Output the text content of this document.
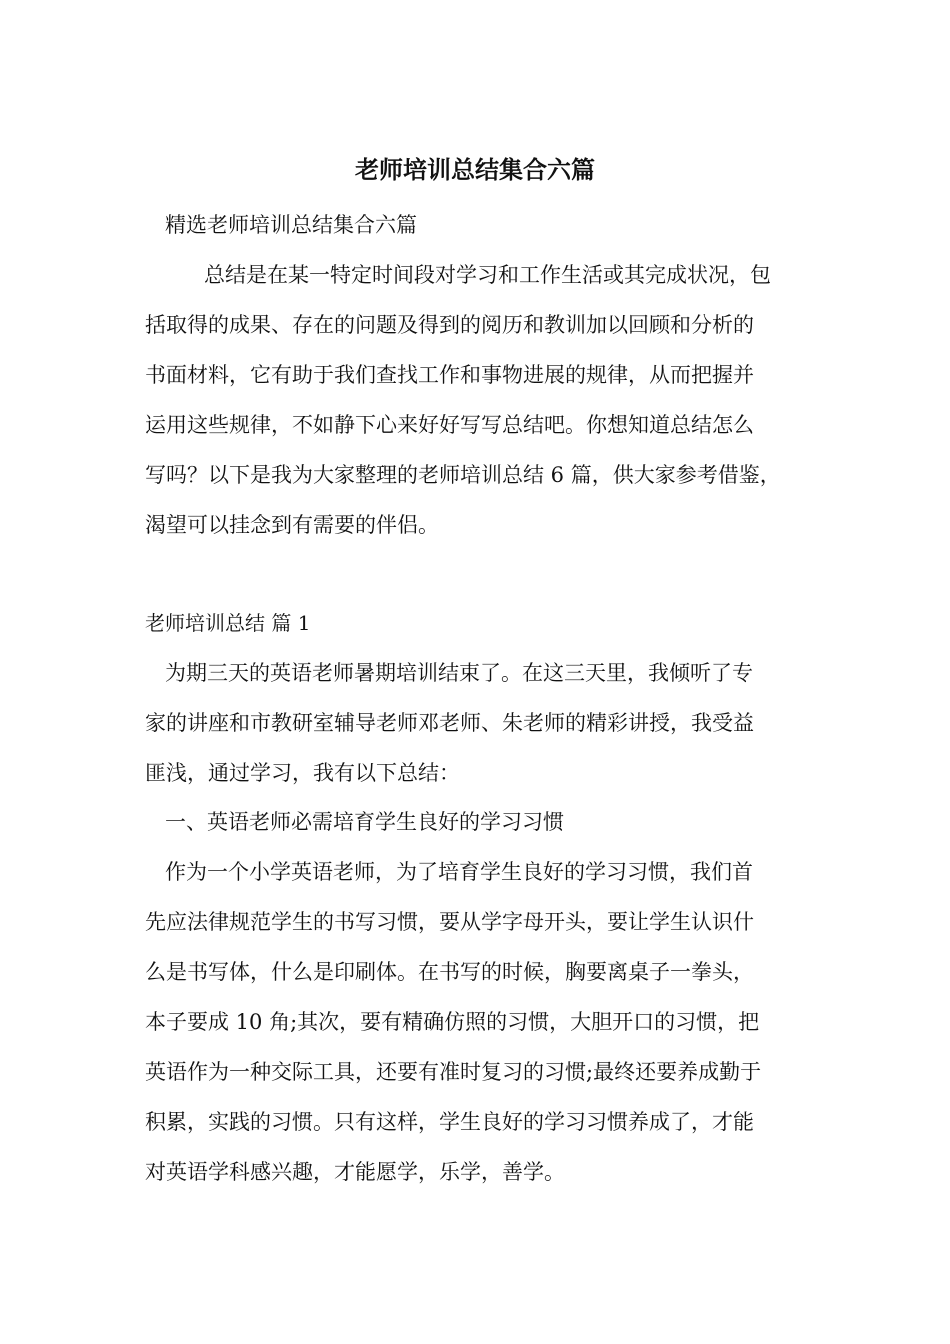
老师培训总结集合六篇
精选老师培训总结集合六篇
总结是在某一特定时间段对学习和工作生活或其完成状况，包
括取得的成果、存在的问题及得到的阅历和教训加以回顾和分析的
书面材料，它有助于我们查找工作和事物进展的规律，从而把握并
运用这些规律，不如静下心来好好写写总结吧。你想知道总结怎么
写吗？以下是我为大家整理的老师培训总结 6 篇，供大家参考借鉴，
渴望可以挂念到有需要的伴侣。
老师培训总结 篇 1
为期三天的英语老师暑期培训结束了。在这三天里，我倾听了专
家的讲座和市教研室辅导老师邓老师、朱老师的精彩讲授，我受益
匪浅，通过学习，我有以下总结：
一、英语老师必需培育学生良好的学习习惯
作为一个小学英语老师，为了培育学生良好的学习习惯，我们首
先应法律规范学生的书写习惯，要从学字母开头，要让学生认识什
么是书写体，什么是印刷体。在书写的时候，胸要离桌子一拳头，
本子要成 10 角;其次，要有精确仿照的习惯，大胆开口的习惯，把
英语作为一种交际工具，还要有准时复习的习惯;最终还要养成勤于
积累，实践的习惯。只有这样，学生良好的学习习惯养成了，才能
对英语学科感兴趣，才能愿学，乐学，善学。
